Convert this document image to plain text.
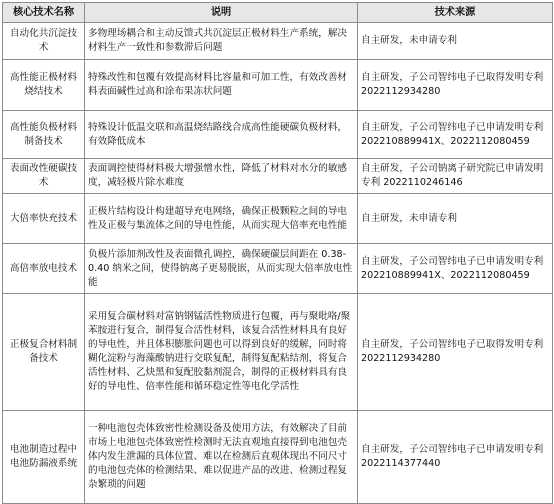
核心技术名称	说明	技术来源
自动化共沉淀技术	多物理场耦合和主动反馈式共沉淀层正极材料生产系统，解决材料生产一致性和参数滞后问题	自主研发，未申请专利
高性能正极材料烧结技术	特殊改性和包覆有效提高材料比容量和可加工性，有效改善材料表面碱性过高和涂布果冻状问题	自主研发，子公司智纬电子已取得发明专利 2022112934280
高性能负极材料制备技术	特殊设计低温交联和高温烧结路线合成高性能硬碳负极材料，有效降低成本	自主研发，子公司智纬电子已申请发明专利 202210889941X、2022112080459
表面改性硬碳技术	表面调控使得材料极大增强憎水性，降低了材料对水分的敏感度，减轻极片除水难度	自主研发，子公司钠离子研究院已申请发明专利 2022110246146
大倍率快充技术	正极片结构设计构建超导充电网络，确保正极颗粒之间的导电性及正极与集流体之间的导电性能，从而实现大倍率充电性能	自主研发，未申请专利
高倍率放电技术	负极片添加剂改性及表面微孔调控，确保硬碳层间距在 0.38-0.40 纳米之间，使得钠离子更易脱嵌，从而实现大倍率放电性能	自主研发，子公司智纬电子已申请发明专利 202210889941X、2022112080459
正极复合材料制备技术	采用复合碳材料对富钠钢锰活性物质进行包覆，再与聚吡咯/聚苯胺进行复合，制得复合活性材料，该复合活性材料具有良好的导电性，并且体积膨胀问题也可以得到良好的缓解，同时将糊化淀粉与海藻酸钠进行交联复配，制得复配粘结剂，将复合活性材料、乙炔黑和复配胶黏剂混合，制得的正极材料具有良好的导电性、倍率性能和循环稳定性等电化学活性	自主研发，子公司智纬电子已取得发明专利 2022112934280
电池制造过程中电池防漏液系统	一种电池包壳体致密性检测设备及使用方法，有效解决了目前市场上电池包壳体致密性检测时无法直观地直接得到电池包壳体内发生泄漏的具体位置、难以在检测后直观体现出不同尺寸的电池包壳体的检测结果、难以促进产品的改进、检测过程复杂繁琐的问题	自主研发，子公司智纬电子已申请发明专利 2022114377440
